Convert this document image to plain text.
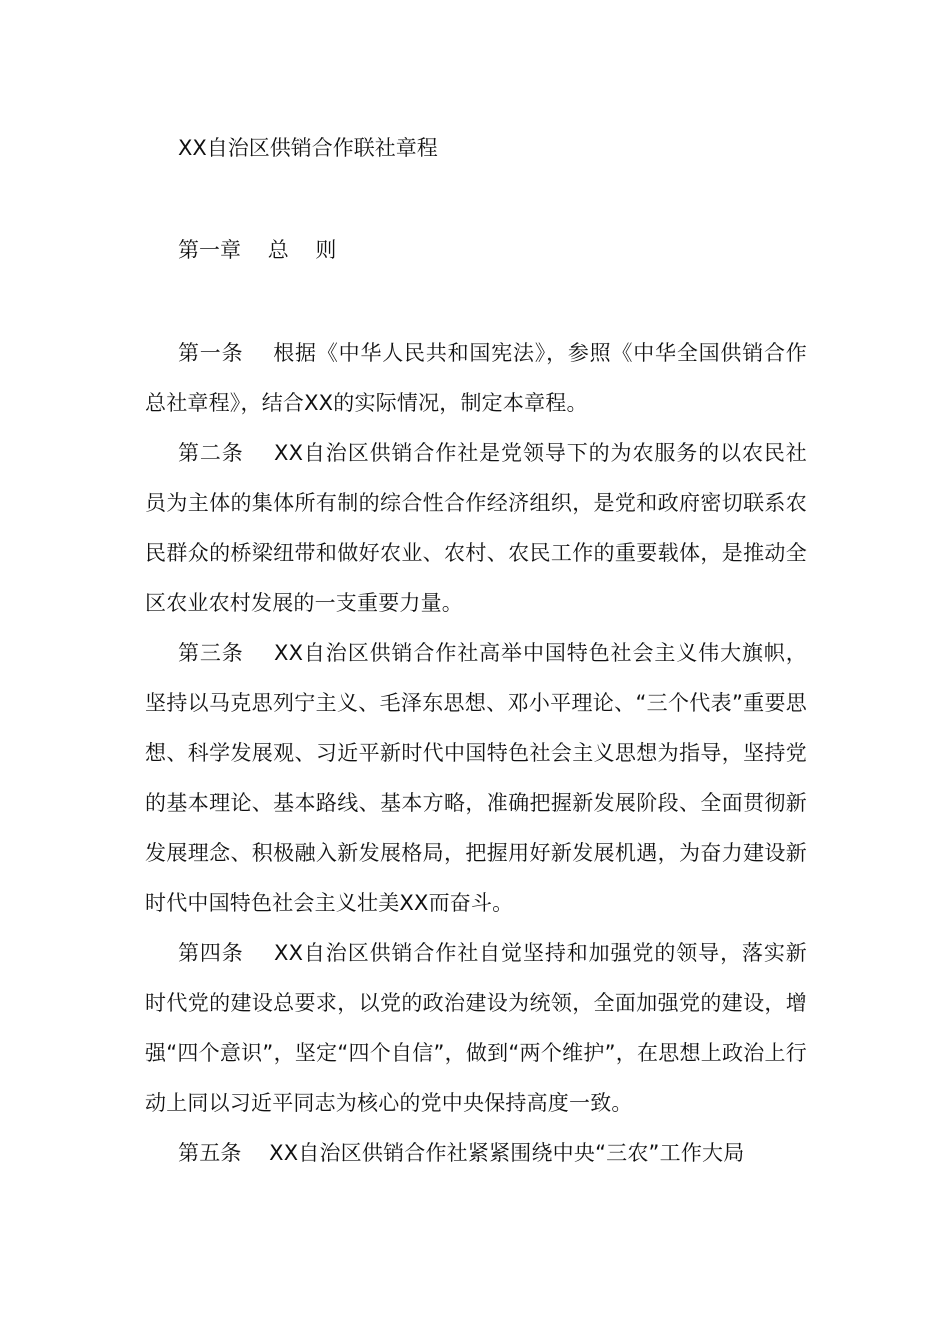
XX自治区供销合作联社章程
第一章    总    则

第一条    根据《中华人民共和国宪法》，参照《中华全国供销合作总社章程》，结合XX的实际情况，制定本章程。

第二条    XX自治区供销合作社是党领导下的为农服务的以农民社员为主体的集体所有制的综合性合作经济组织，是党和政府密切联系农民群众的桥梁纽带和做好农业、农村、农民工作的重要载体，是推动全区农业农村发展的一支重要力量。

第三条    XX自治区供销合作社高举中国特色社会主义伟大旗帜，坚持以马克思列宁主义、毛泽东思想、邓小平理论、“三个代表”重要思想、科学发展观、习近平新时代中国特色社会主义思想为指导，坚持党的基本理论、基本路线、基本方略，准确把握新发展阶段、全面贯彻新发展理念、积极融入新发展格局，把握用好新发展机遇，为奋力建设新时代中国特色社会主义壮美XX而奋斗。

第四条    XX自治区供销合作社自觉坚持和加强党的领导，落实新时代党的建设总要求，以党的政治建设为统领，全面加强党的建设，增强“四个意识”，坚定“四个自信”，做到“两个维护”，在思想上政治上行动上同以习近平同志为核心的党中央保持高度一致。

第五条    XX自治区供销合作社紧紧围绕中央“三农”工作大局
